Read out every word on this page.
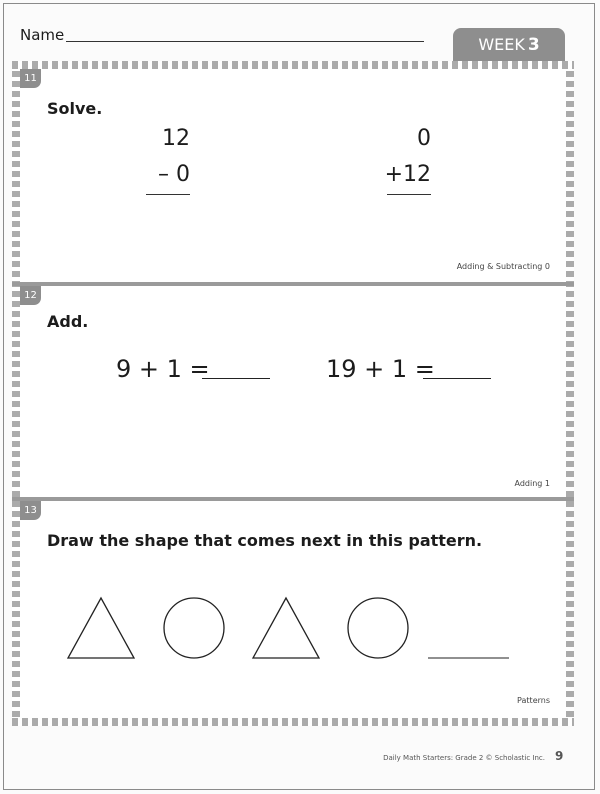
Name	WEEK 3
11
Solve.
12
– 0
0
+12
Adding & Subtracting 0
12
Add.
9 + 1 =	19 + 1 =
Adding 1
13
Draw the shape that comes next in this pattern.
Patterns
Daily Math Starters: Grade 2 © Scholastic Inc. 9
